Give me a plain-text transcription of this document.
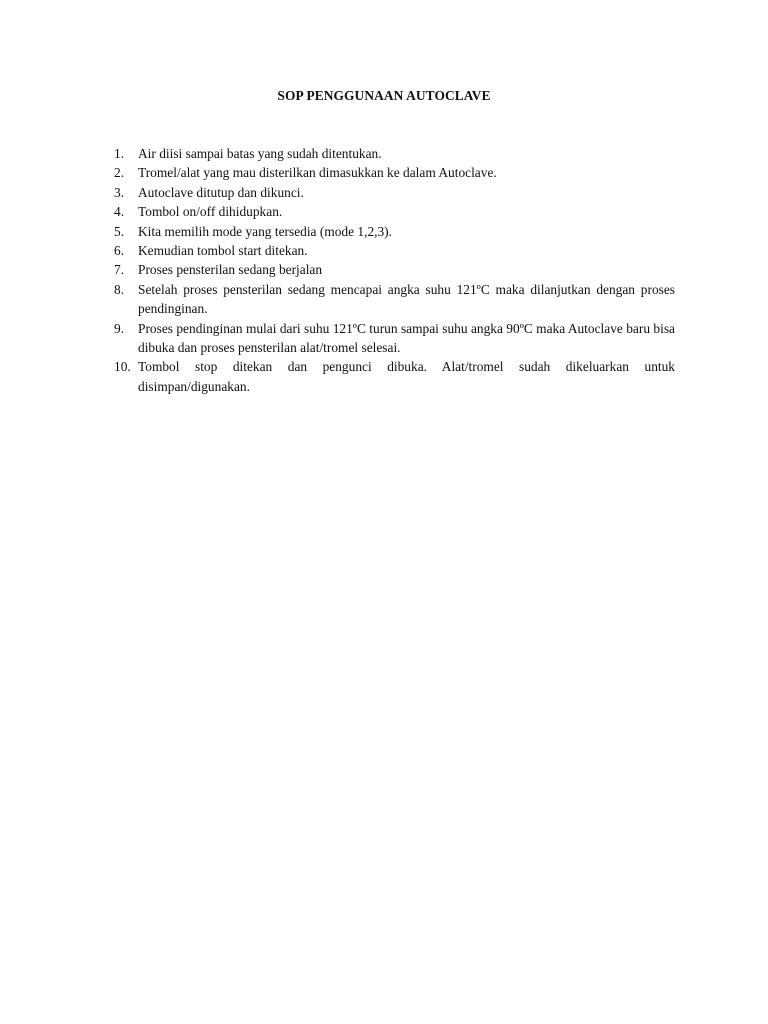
SOP PENGGUNAAN AUTOCLAVE
1.	Air diisi sampai batas yang sudah ditentukan.
2.	Tromel/alat yang mau disterilkan dimasukkan ke dalam Autoclave.
3.	Autoclave ditutup dan dikunci.
4.	Tombol on/off dihidupkan.
5.	Kita memilih mode yang tersedia (mode 1,2,3).
6.	Kemudian tombol start ditekan.
7.	Proses pensterilan sedang berjalan
8.	Setelah proses pensterilan sedang mencapai angka suhu 121ºC maka dilanjutkan dengan proses pendinginan.
9.	Proses pendinginan mulai dari suhu 121ºC turun sampai suhu angka 90ºC maka Autoclave baru bisa dibuka dan proses pensterilan alat/tromel selesai.
10. Tombol stop ditekan dan pengunci dibuka. Alat/tromel sudah dikeluarkan untuk disimpan/digunakan.
